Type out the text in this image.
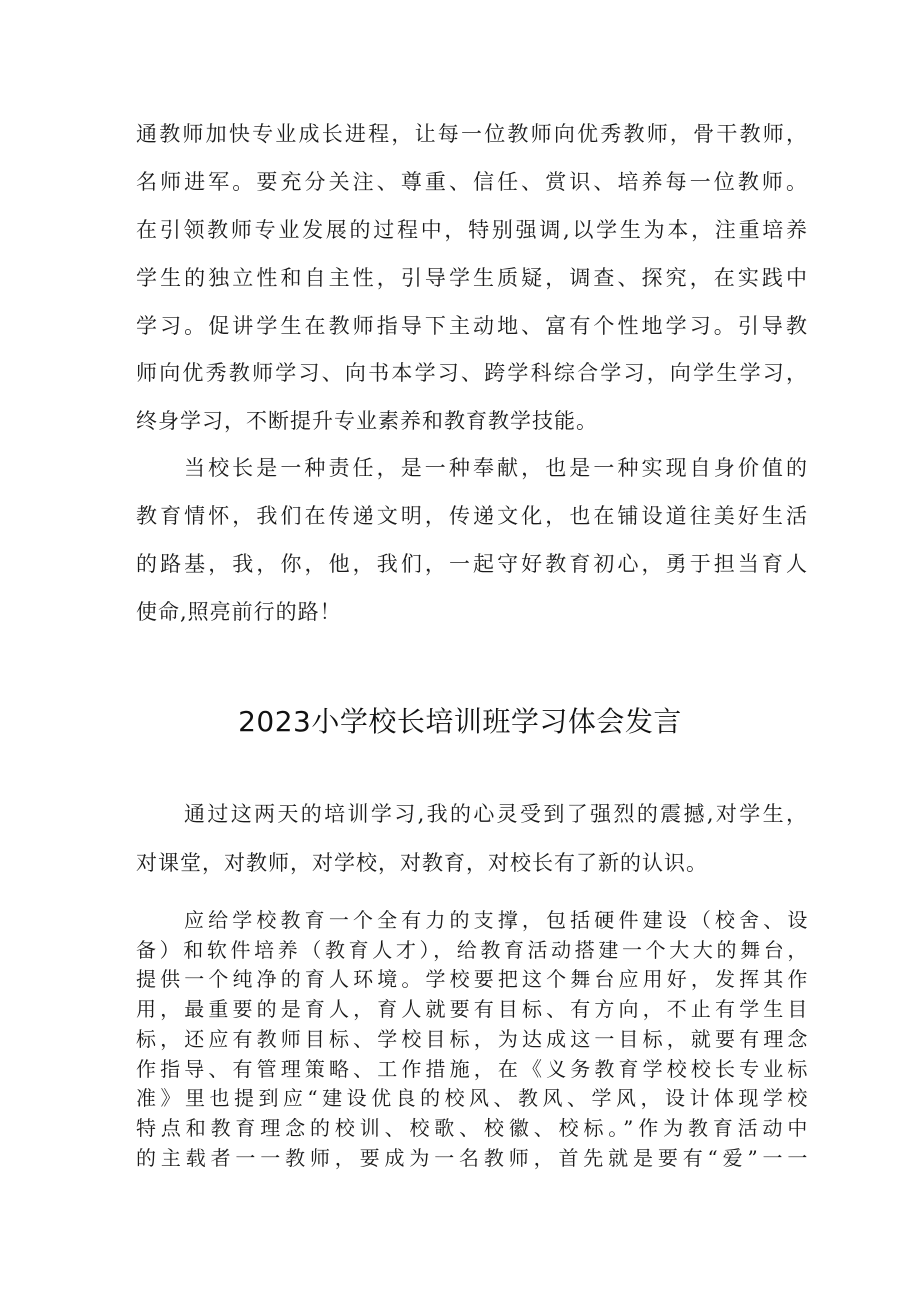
通教师加快专业成长进程，让每一位教师向优秀教师，骨干教师，
名师进军。要充分关注、尊重、信任、赏识、培养每一位教师。
在引领教师专业发展的过程中，特别强调,以学生为本，注重培养
学生的独立性和自主性，引导学生质疑，调查、探究，在实践中
学习。促讲学生在教师指导下主动地、富有个性地学习。引导教
师向优秀教师学习、向书本学习、跨学科综合学习，向学生学习，
终身学习，不断提升专业素养和教育教学技能。
当校长是一种责任，是一种奉献，也是一种实现自身价值的
教育情怀，我们在传递文明，传递文化，也在铺设道往美好生活
的路基，我，你，他，我们，一起守好教育初心，勇于担当育人
使命,照亮前行的路！
2023小学校长培训班学习体会发言
通过这两天的培训学习,我的心灵受到了强烈的震撼,对学生，
对课堂，对教师，对学校，对教育，对校长有了新的认识。
应给学校教育一个全有力的支撑，包括硬件建设（校舍、设
备）和软件培养（教育人才），给教育活动搭建一个大大的舞台，
提供一个纯净的育人环境。学校要把这个舞台应用好，发挥其作
用，最重要的是育人，育人就要有目标、有方向，不止有学生目
标，还应有教师目标、学校目标，为达成这一目标，就要有理念
作指导、有管理策略、工作措施，在《义务教育学校校长专业标
准》里也提到应“建设优良的校风、教风、学风，设计体现学校
特点和教育理念的校训、校歌、校徽、校标。”作为教育活动中
的主载者一一教师，要成为一名教师，首先就是要有“爱”一一
